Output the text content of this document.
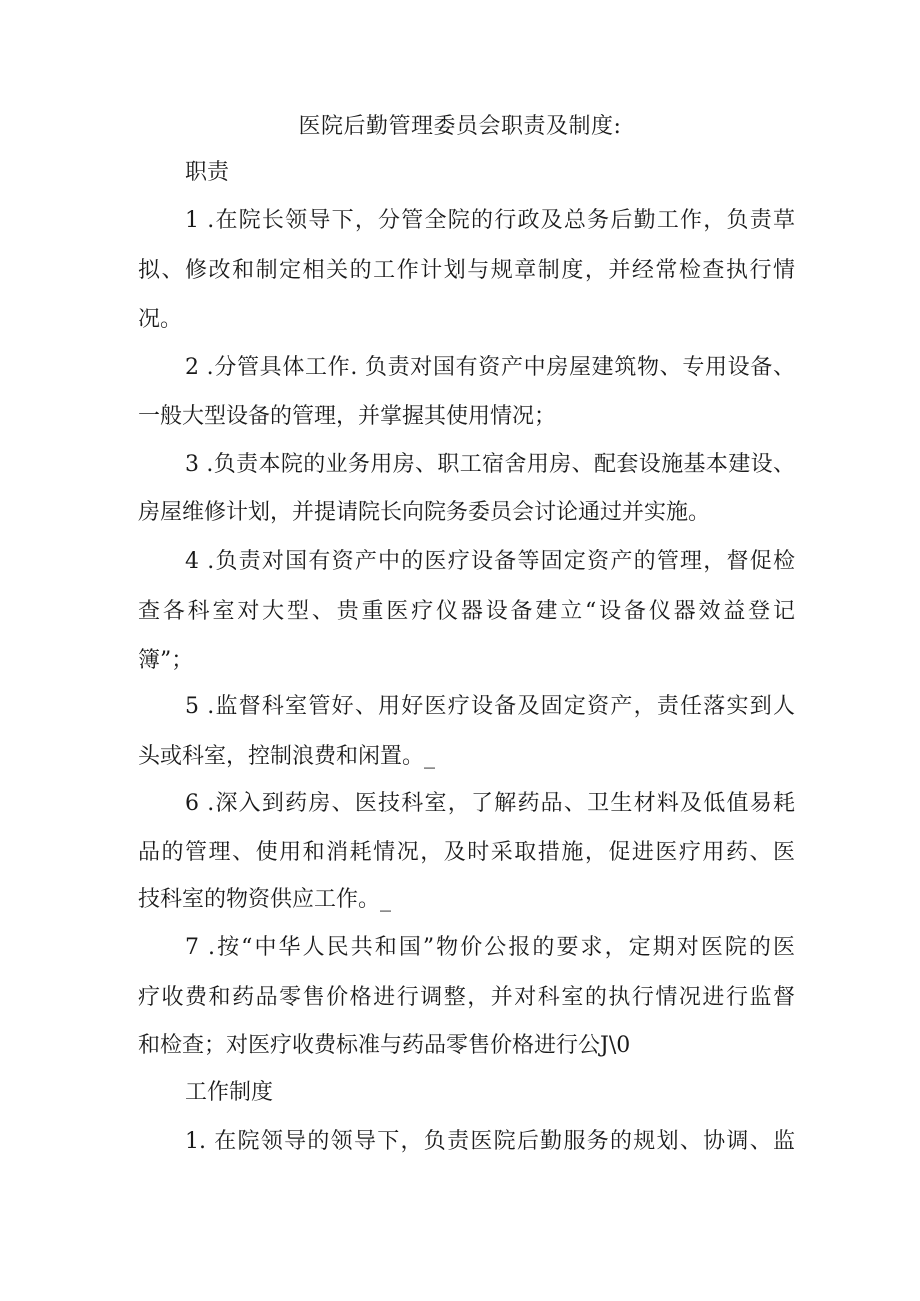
医院后勤管理委员会职责及制度:
职责
1 .在院长领导下，分管全院的行政及总务后勤工作，负责草
拟、修改和制定相关的工作计划与规章制度，并经常检查执行情
况。
2 .分管具体工作. 负责对国有资产中房屋建筑物、专用设备、
一般大型设备的管理，并掌握其使用情况；
3 .负责本院的业务用房、职工宿舍用房、配套设施基本建设、
房屋维修计划，并提请院长向院务委员会讨论通过并实施。
4 .负责对国有资产中的医疗设备等固定资产的管理，督促检
查各科室对大型、贵重医疗仪器设备建立“设备仪器效益登记
簿”；
5 .监督科室管好、用好医疗设备及固定资产，责任落实到人
头或科室，控制浪费和闲置。_
6 .深入到药房、医技科室，了解药品、卫生材料及低值易耗
品的管理、使用和消耗情况，及时采取措施，促进医疗用药、医
技科室的物资供应工作。_
7 .按“中华人民共和国”物价公报的要求，定期对医院的医
疗收费和药品零售价格进行调整，并对科室的执行情况进行监督
和检查；对医疗收费标准与药品零售价格进行公J\0
工作制度
1. 在院领导的领导下，负责医院后勤服务的规划、协调、监
